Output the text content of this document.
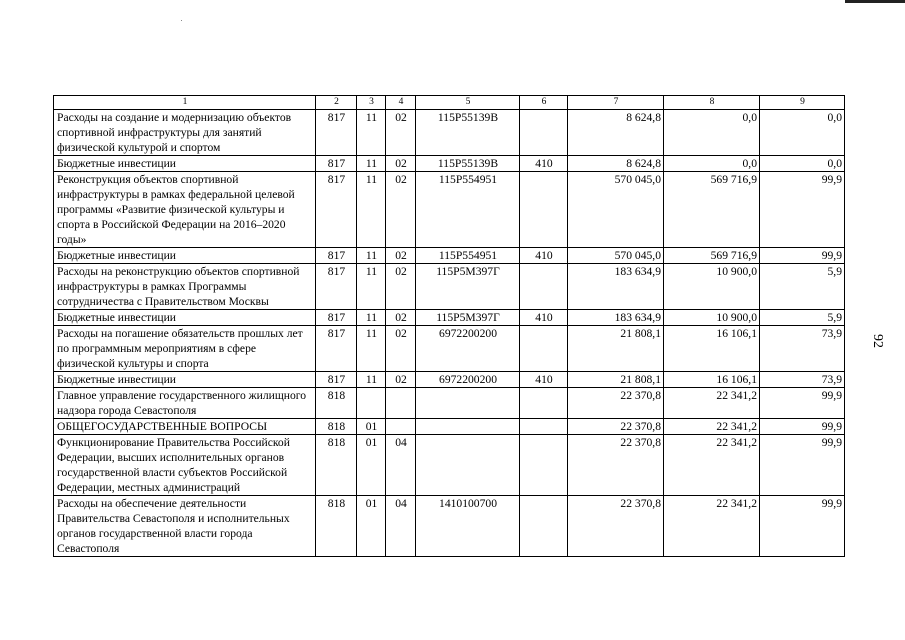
1	2	3	4	5	6	7	8	9
Расходы на создание и модернизацию объектов спортивной инфраструктуры для занятий физической культурой и спортом	817	11	02	115P55139B		8 624,8	0,0	0,0
Бюджетные инвестиции	817	11	02	115P55139B	410	8 624,8	0,0	0,0
Реконструкция объектов спортивной инфраструктуры в рамках федеральной целевой программы «Развитие физической культуры и спорта в Российской Федерации на 2016–2020 годы»	817	11	02	115P554951		570 045,0	569 716,9	99,9
Бюджетные инвестиции	817	11	02	115P554951	410	570 045,0	569 716,9	99,9
Расходы на реконструкцию объектов спортивной инфраструктуры в рамках Программы сотрудничества с Правительством Москвы	817	11	02	115P5M397Г		183 634,9	10 900,0	5,9
Бюджетные инвестиции	817	11	02	115P5M397Г	410	183 634,9	10 900,0	5,9
Расходы на погашение обязательств прошлых лет по программным мероприятиям в сфере физической культуры и спорта	817	11	02	6972200200		21 808,1	16 106,1	73,9
Бюджетные инвестиции	817	11	02	6972200200	410	21 808,1	16 106,1	73,9
Главное управление государственного жилищного надзора города Севастополя	818					22 370,8	22 341,2	99,9
ОБЩЕГОСУДАРСТВЕННЫЕ ВОПРОСЫ	818	01				22 370,8	22 341,2	99,9
Функционирование Правительства Российской Федерации, высших исполнительных органов государственной власти субъектов Российской Федерации, местных администраций	818	01	04			22 370,8	22 341,2	99,9
Расходы на обеспечение деятельности Правительства Севастополя и исполнительных органов государственной власти города Севастополя	818	01	04	1410100700		22 370,8	22 341,2	99,9
92
